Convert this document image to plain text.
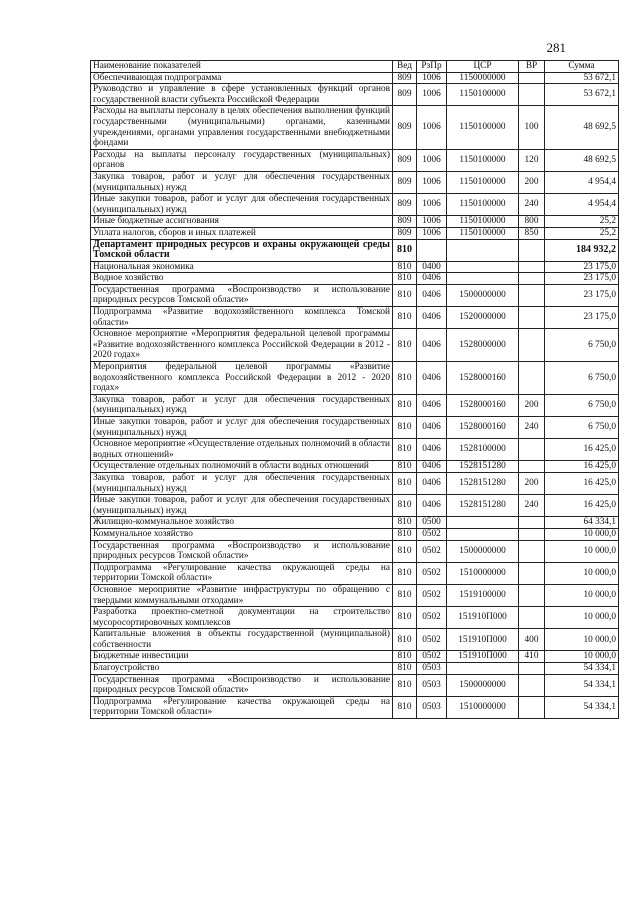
281
Наименование показателей	Вед	РзПр	ЦСР	ВР	Сумма
Обеспечивающая подпрограмма	809	1006	1150000000		53 672,1
Руководство и управление в сфере установленных функций органов государственной власти субъекта Российской Федерации	809	1006	1150100000		53 672,1
Расходы на выплаты персоналу в целях обеспечения выполнения функций государственными (муниципальными) органами, казенными учреждениями, органами управления государственными внебюджетными фондами	809	1006	1150100000	100	48 692,5
Расходы на выплаты персоналу государственных (муниципальных) органов	809	1006	1150100000	120	48 692,5
Закупка товаров, работ и услуг для обеспечения государственных (муниципальных) нужд	809	1006	1150100000	200	4 954,4
Иные закупки товаров, работ и услуг для обеспечения государственных (муниципальных) нужд	809	1006	1150100000	240	4 954,4
Иные бюджетные ассигнования	809	1006	1150100000	800	25,2
Уплата налогов, сборов и иных платежей	809	1006	1150100000	850	25,2
Департамент природных ресурсов и охраны окружающей среды Томской области	810				184 932,2
Национальная экономика	810	0400			23 175,0
Водное хозяйство	810	0406			23 175,0
Государственная программа «Воспроизводство и использование природных ресурсов Томской области»	810	0406	1500000000		23 175,0
Подпрограмма «Развитие водохозяйственного комплекса Томской области»	810	0406	1520000000		23 175,0
Основное мероприятие «Мероприятия федеральной целевой программы «Развитие водохозяйственного комплекса Российской Федерации в 2012 - 2020 годах»	810	0406	1528000000		6 750,0
Мероприятия федеральной целевой программы «Развитие водохозяйственного комплекса Российской Федерации в 2012 - 2020 годах»	810	0406	1528000160		6 750,0
Закупка товаров, работ и услуг для обеспечения государственных (муниципальных) нужд	810	0406	1528000160	200	6 750,0
Иные закупки товаров, работ и услуг для обеспечения государственных (муниципальных) нужд	810	0406	1528000160	240	6 750,0
Основное мероприятие «Осуществление отдельных полномочий в области водных отношений»	810	0406	1528100000		16 425,0
Осуществление отдельных полномочий в области водных отношений	810	0406	1528151280		16 425,0
Закупка товаров, работ и услуг для обеспечения государственных (муниципальных) нужд	810	0406	1528151280	200	16 425,0
Иные закупки товаров, работ и услуг для обеспечения государственных (муниципальных) нужд	810	0406	1528151280	240	16 425,0
Жилищно-коммунальное хозяйство	810	0500			64 334,1
Коммунальное хозяйство	810	0502			10 000,0
Государственная программа «Воспроизводство и использование природных ресурсов Томской области»	810	0502	1500000000		10 000,0
Подпрограмма «Регулирование качества окружающей среды на территории Томской области»	810	0502	1510000000		10 000,0
Основное мероприятие «Развитие инфраструктуры по обращению с твердыми коммунальными отходами»	810	0502	1519100000		10 000,0
Разработка проектно-сметной документации на строительство мусоросортировочных комплексов	810	0502	151910П000		10 000,0
Капитальные вложения в объекты государственной (муниципальной) собственности	810	0502	151910П000	400	10 000,0
Бюджетные инвестиции	810	0502	151910П000	410	10 000,0
Благоустройство	810	0503			54 334,1
Государственная программа «Воспроизводство и использование природных ресурсов Томской области»	810	0503	1500000000		54 334,1
Подпрограмма «Регулирование качества окружающей среды на территории Томской области»	810	0503	1510000000		54 334,1
